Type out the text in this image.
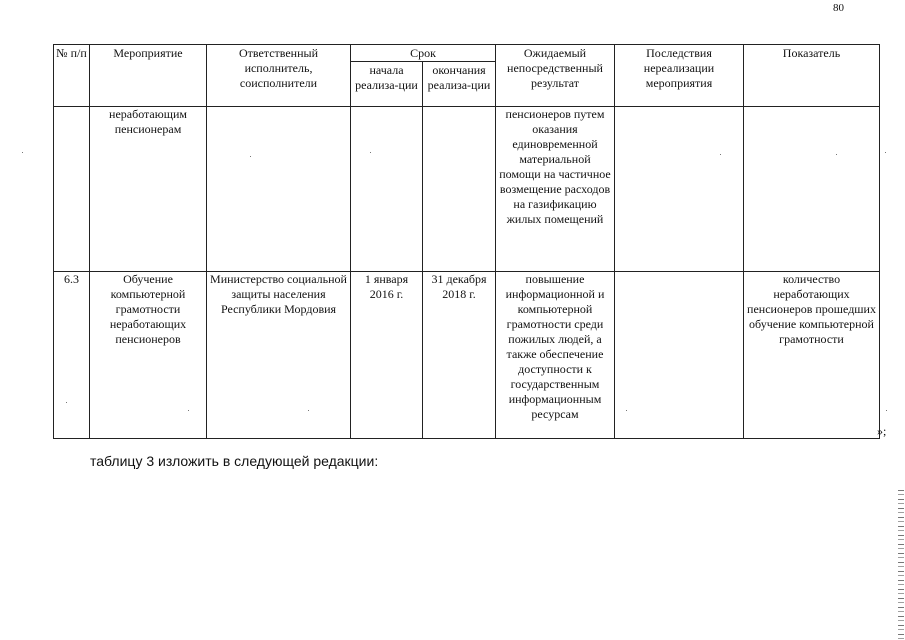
80
№ п/п	Мероприятие	Ответственный исполнитель, соисполнители	Срок		Ожидаемый непосредственный результат	Последствия нереализации мероприятия	Показатель
			начала реализа-ции	окончания реализа-ции			
	неработающим пенсионерам				пенсионеров путем оказания единовременной материальной помощи на частичное возмещение расходов на газификацию жилых помещений		
6.3	Обучение компьютерной грамотности неработающих пенсионеров	Министерство социальной защиты населения Республики Мордовия	1 января 2016 г.	31 декабря 2018 г.	повышение информационной и компьютерной грамотности среди пожилых людей, а также обеспечение доступности к государственным информационным ресурсам		количество неработающих пенсионеров прошедших обучение компьютерной грамотности
»;
таблицу 3 изложить в следующей редакции:
